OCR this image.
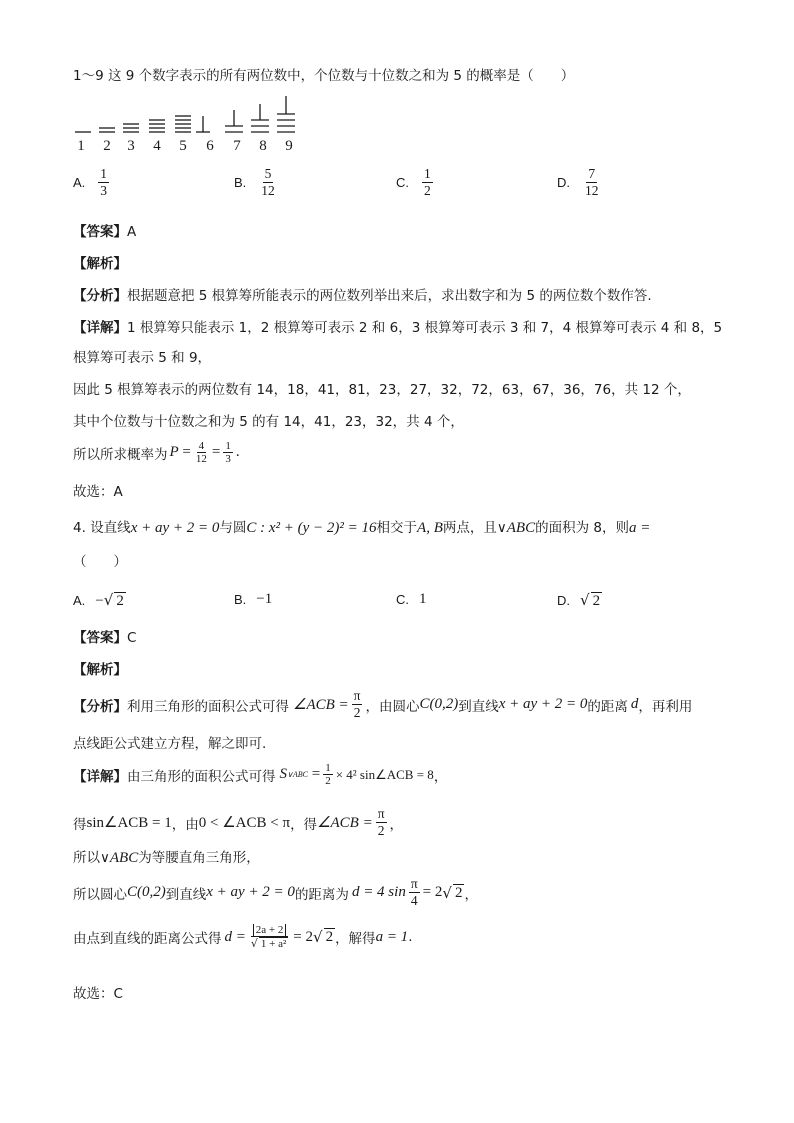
1～9 这 9 个数字表示的所有两位数中，个位数与十位数之和为 5 的概率是（　　）
1	2	3	4	5	6	7	8	9
A. $\frac{1}{3}$	B. $\frac{5}{12}$	C. $\frac{1}{2}$	D. $\frac{7}{12}$
【答案】A
【解析】
【分析】根据题意把 5 根算筹所能表示的两位数列举出来后，求出数字和为 5 的两位数个数作答.
【详解】1 根算筹只能表示 1，2 根算筹可表示 2 和 6，3 根算筹可表示 3 和 7，4 根算筹可表示 4 和 8，5
根算筹可表示 5 和 9，
因此 5 根算筹表示的两位数有 14，18，41，81，23，27，32，72，63，67，36，76，共 12 个，
其中个位数与十位数之和为 5 的有 14，41，23，32，共 4 个，
所以所求概率为 $P = \frac{4}{12} = \frac{1}{3}$ .
故选：A
4. 设直线x + ay + 2 = 0与圆C : x² + (y − 2)² = 16相交于A, B两点，且∨ABC的面积为 8，则a =
（　　）
A. −√ 2	B. −1	C. 1	D. √ 2
【答案】C
【解析】
【分析】 利用三角形的面积公式可得 ∠ACB = $\frac{\pi}{2}$ ，由圆心 C(0,2) 到直线 x + ay + 2 = 0 的距离 d ，再利用
点线距公式建立方程，解之即可.
【详解】 由三角形的面积公式可得 S ∨ABC = $\frac{1}{2} \times 4^2$ sin∠ACB = 8 ，
得 sin∠ACB = 1 ，由 0 < ∠ACB < π ，得 ∠ACB = $\frac{\pi}{2}$ ，
所以∨ABC为等腰直角三角形，
所以圆心 C(0,2) 到直线 x + ay + 2 = 0 的距离为 d = 4 $\sin \frac{\pi}{4} = 2$ √ 2 ，
由点到直线的距离公式得 $d = \frac{2a + 2}{\text{√ 1 + a²}} = 2$ √ 2 ，解得 a = 1 .
故选：C
